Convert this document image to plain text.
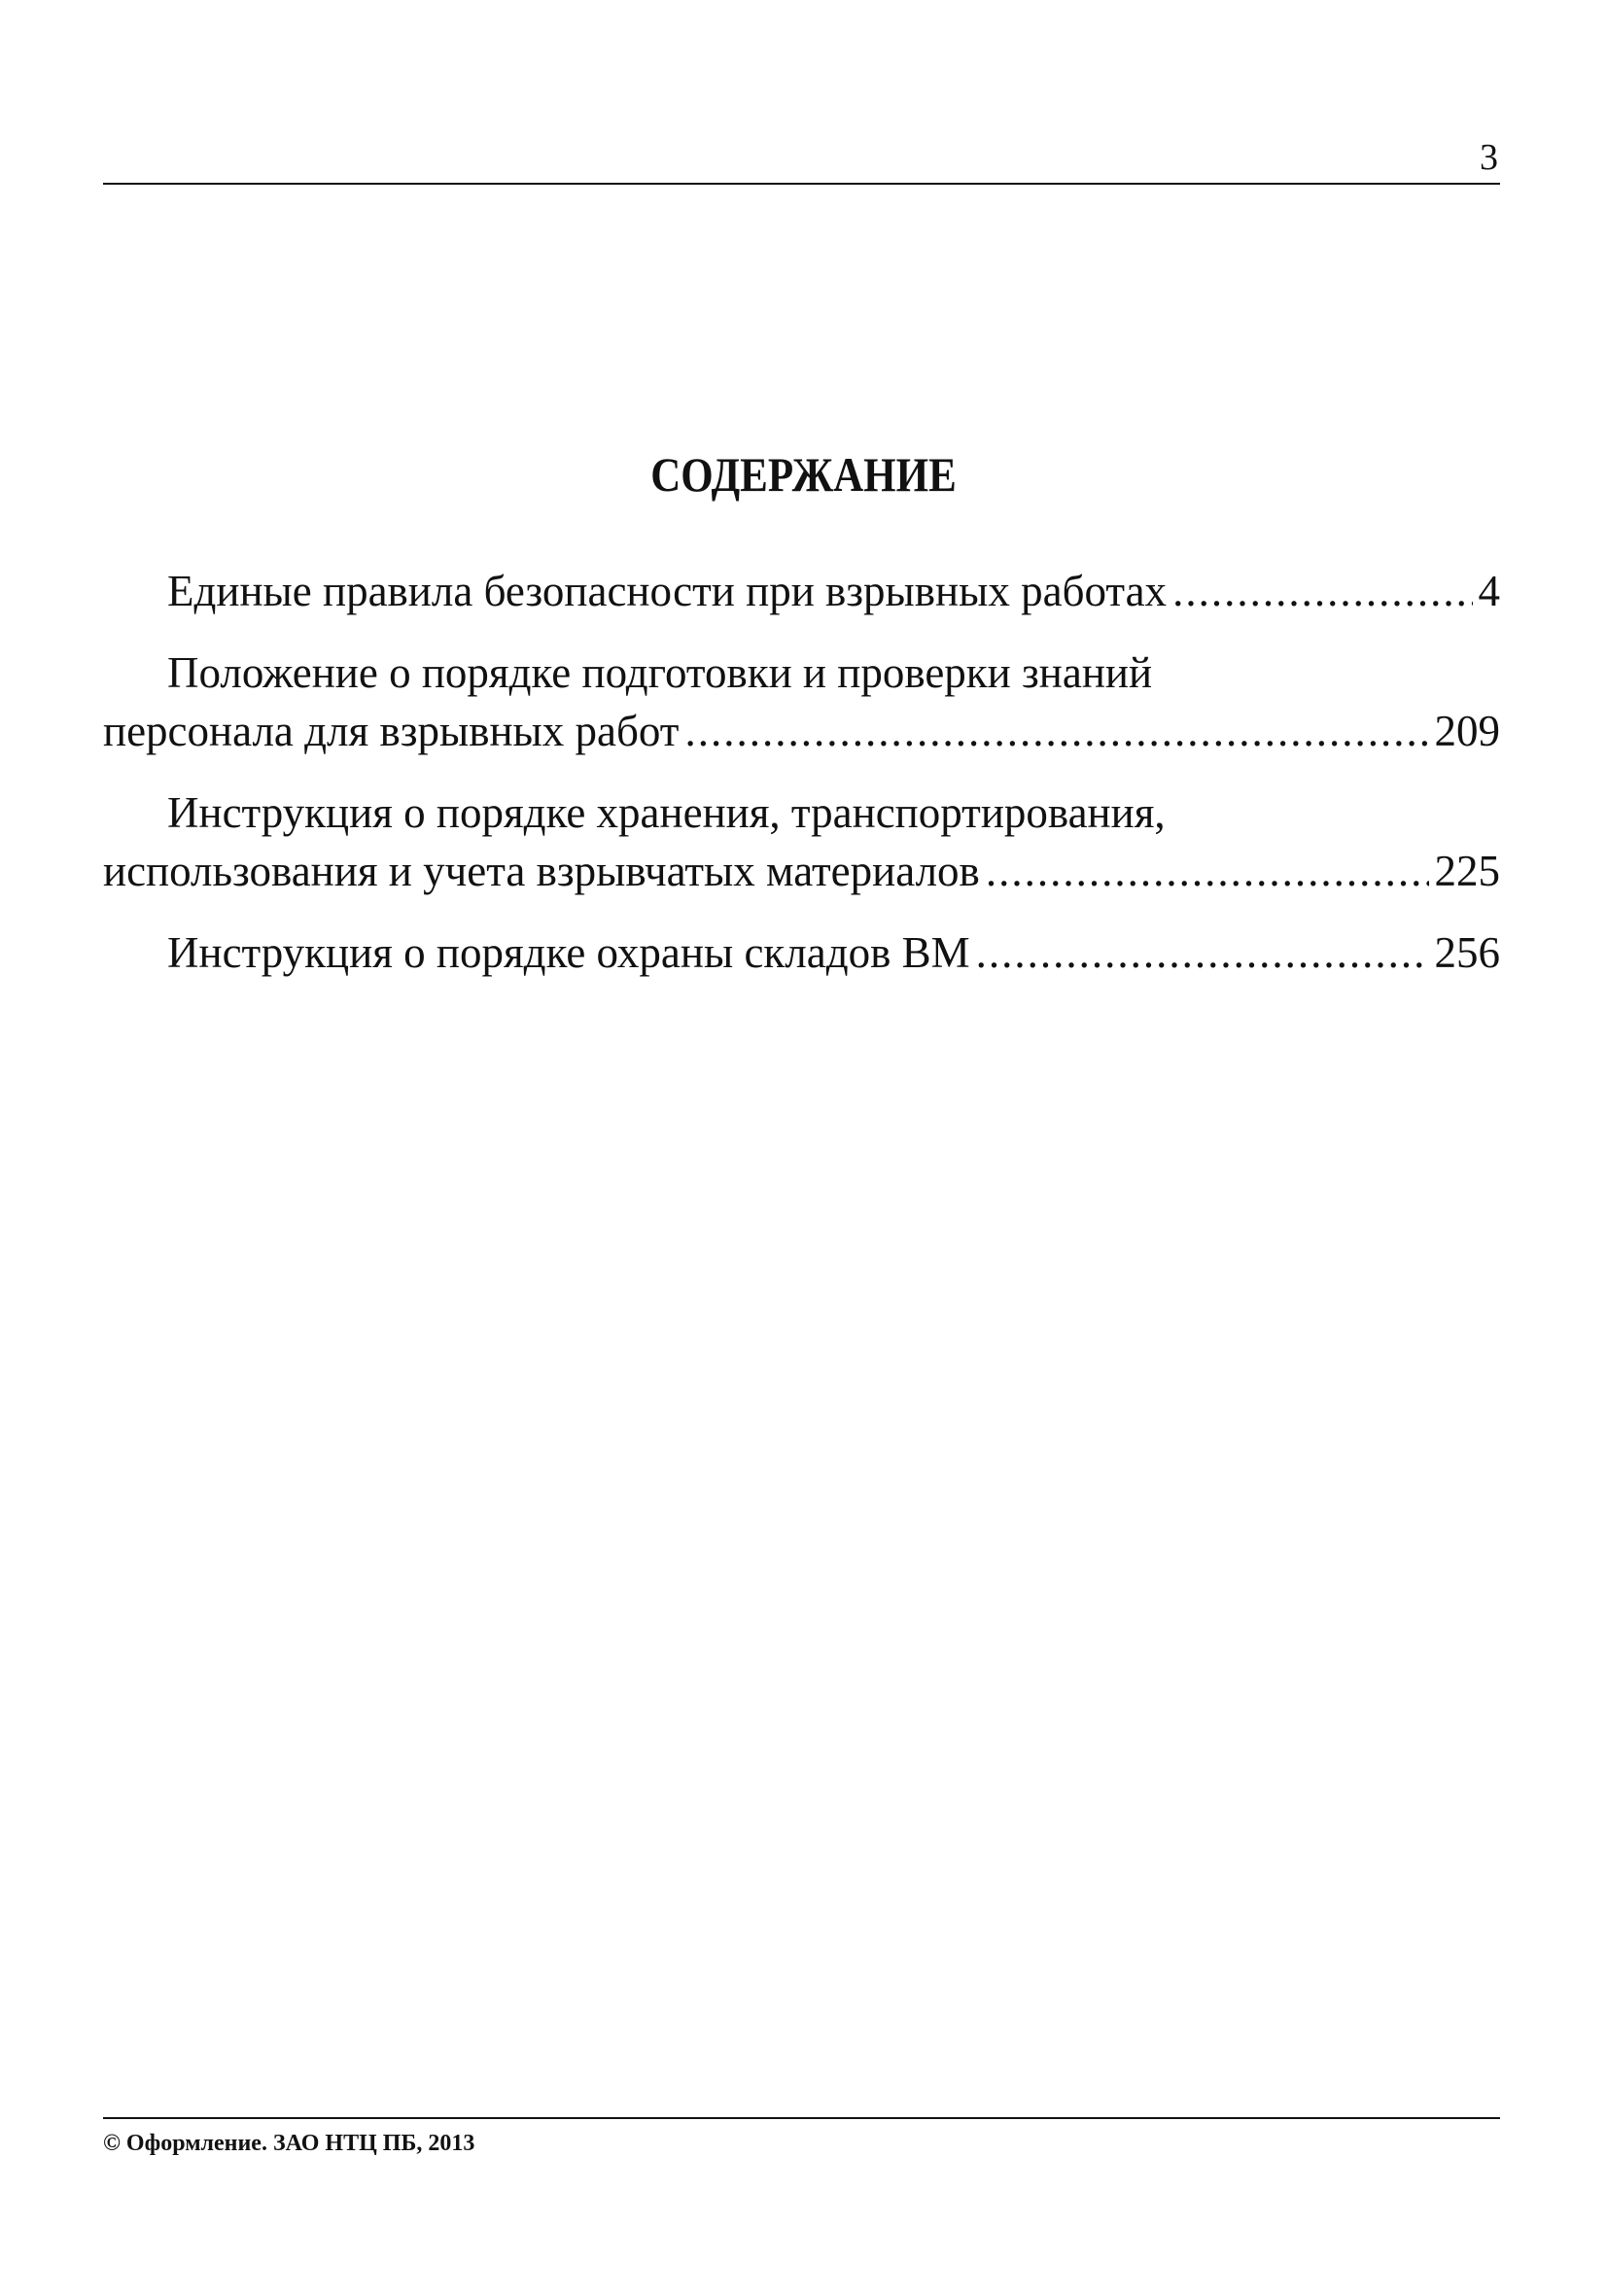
3
СОДЕРЖАНИЕ
Единые правила безопасности при взрывных работах .....	4
Положение о порядке подготовки и проверки знаний
персонала для взрывных работ .....	209
Инструкция о порядке хранения, транспортирования,
использования и учета взрывчатых материалов .....	225
Инструкция о порядке охраны складов ВМ .....	256
© Оформление. ЗАО НТЦ ПБ, 2013
